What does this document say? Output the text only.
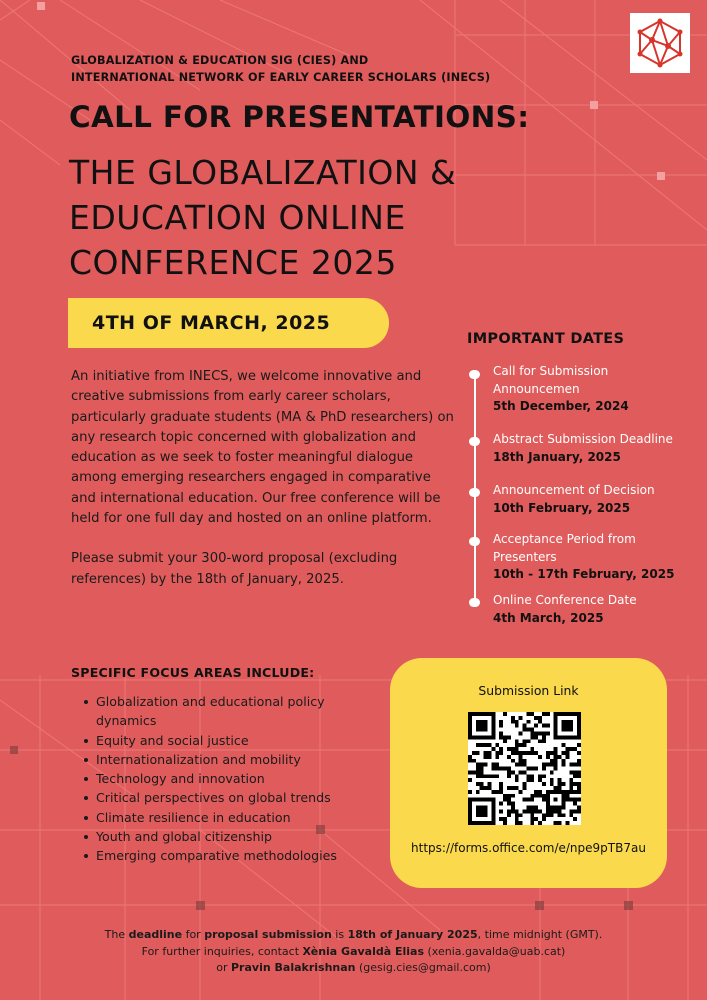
GLOBALIZATION & EDUCATION SIG (CIES) AND
INTERNATIONAL NETWORK OF EARLY CAREER SCHOLARS (INECS)
CALL FOR PRESENTATIONS:
THE GLOBALIZATION &
EDUCATION ONLINE
CONFERENCE 2025
4TH OF MARCH, 2025

An initiative from INECS, we welcome innovative and creative submissions from early career scholars, particularly graduate students (MA & PhD researchers) on any research topic concerned with globalization and education as we seek to foster meaningful dialogue among emerging researchers engaged in comparative and international education. Our free conference will be held for one full day and hosted on an online platform.

Please submit your 300-word proposal (excluding references) by the 18th of January, 2025.

SPECIFIC FOCUS AREAS INCLUDE:
Globalization and educational policy dynamics
Equity and social justice
Internationalization and mobility
Technology and innovation
Critical perspectives on global trends
Climate resilience in education
Youth and global citizenship
Emerging comparative methodologies
IMPORTANT DATES
Call for Submission Announcemen
5th December, 2024
Abstract Submission Deadline
18th January, 2025
Announcement of Decision
10th February, 2025
Acceptance Period from Presenters
10th - 17th February, 2025
Online Conference Date
4th March, 2025
Submission Link
https://forms.office.com/e/npe9pTB7au
The deadline for proposal submission is 18th of January 2025, time midnight (GMT).
For further inquiries, contact Xènia Gavaldà Elias (xenia.gavalda@uab.cat)
or Pravin Balakrishnan (gesig.cies@gmail.com)
